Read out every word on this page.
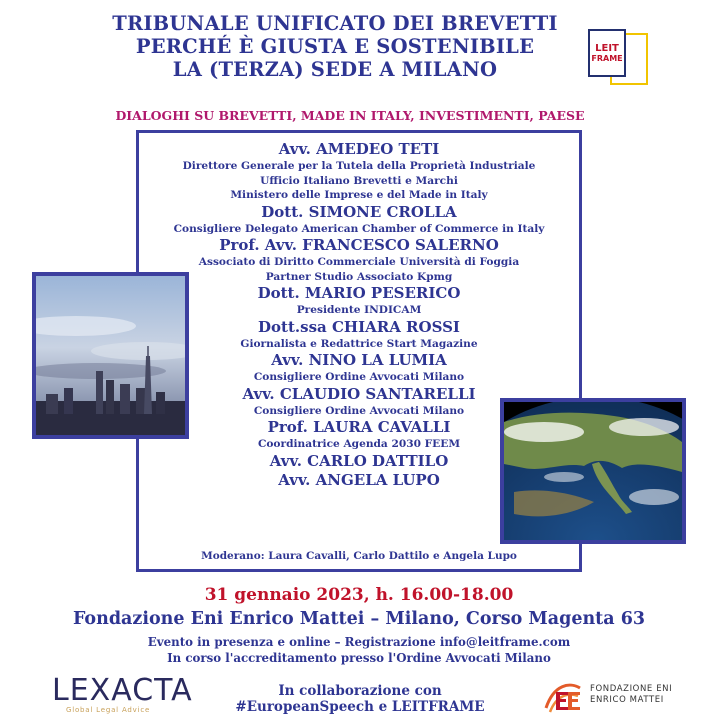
TRIBUNALE UNIFICATO DEI BREVETTI
PERCHÉ È GIUSTA E SOSTENIBILE
LA (TERZA) SEDE A MILANO
LEIT
FRAME
DIALOGHI SU BREVETTI, MADE IN ITALY, INVESTIMENTI, PAESE
Avv. AMEDEO TETI
Direttore Generale per la Tutela della Proprietà Industriale
Ufficio Italiano Brevetti e Marchi
Ministero delle Imprese e del Made in Italy
Dott. SIMONE CROLLA
Consigliere Delegato American Chamber of Commerce in Italy
Prof. Avv. FRANCESCO SALERNO
Associato di Diritto Commerciale Università di Foggia
Partner Studio Associato Kpmg
Dott. MARIO PESERICO
Presidente INDICAM
Dott.ssa CHIARA ROSSI
Giornalista e Redattrice Start Magazine
Avv. NINO LA LUMIA
Consigliere Ordine Avvocati Milano
Avv. CLAUDIO SANTARELLI
Consigliere Ordine Avvocati Milano
Prof. LAURA CAVALLI
Coordinatrice Agenda 2030 FEEM
Avv. CARLO DATTILO
Avv. ANGELA LUPO
Moderano: Laura Cavalli, Carlo Dattilo e Angela Lupo
31 gennaio 2023, h. 16.00-18.00
Fondazione Eni Enrico Mattei – Milano, Corso Magenta 63
Evento in presenza e online – Registrazione info@leitframe.com
In corso l'accreditamento presso l'Ordine Avvocati Milano
In collaborazione con
#EuropeanSpeech e LEITFRAME
LEXACTA
Global Legal Advice
FONDAZIONE ENI
ENRICO MATTEI
